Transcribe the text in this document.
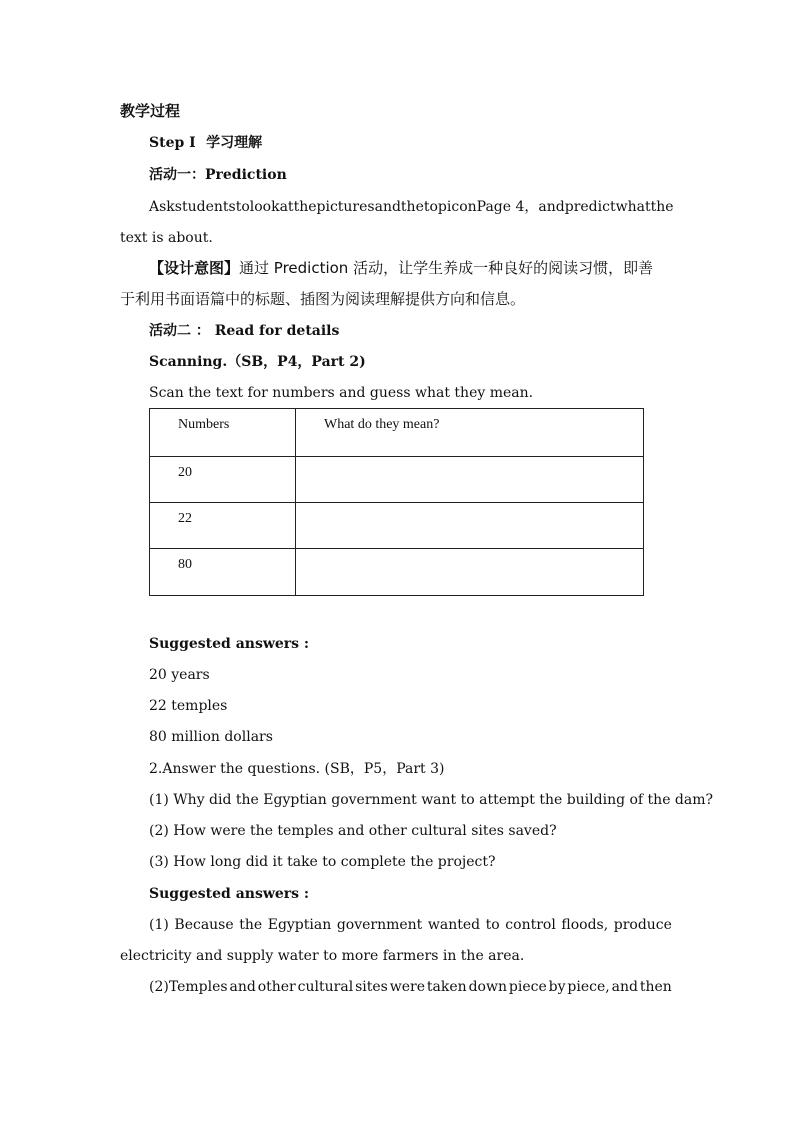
教学过程
Step I 学习理解
活动一：Prediction
Ask students to look at the pictures and the topic on Page 4， and predict what the
text is about.
【设计意图】通过 Prediction 活动，让学生养成一种良好的阅读习惯，即善
于利用书面语篇中的标题、插图为阅读理解提供方向和信息。
活动二 ： Read for details
Scanning.（SB，P4，Part 2)
Scan the text for numbers and guess what they mean.
Numbers	What do they mean?
20	
22	
80	
Suggested answers :
20 years
22 temples
80 million dollars
2.Answer the questions. (SB，P5，Part 3)
(1) Why did the Egyptian government want to attempt the building of the dam?
(2) How were the temples and other cultural sites saved?
(3) How long did it take to complete the project?
Suggested answers :
(1) Because the Egyptian government wanted to control floods, produce
electricity and supply water to more farmers in the area.
(2)Temples and other cultural sites were taken down piece by piece, and then
